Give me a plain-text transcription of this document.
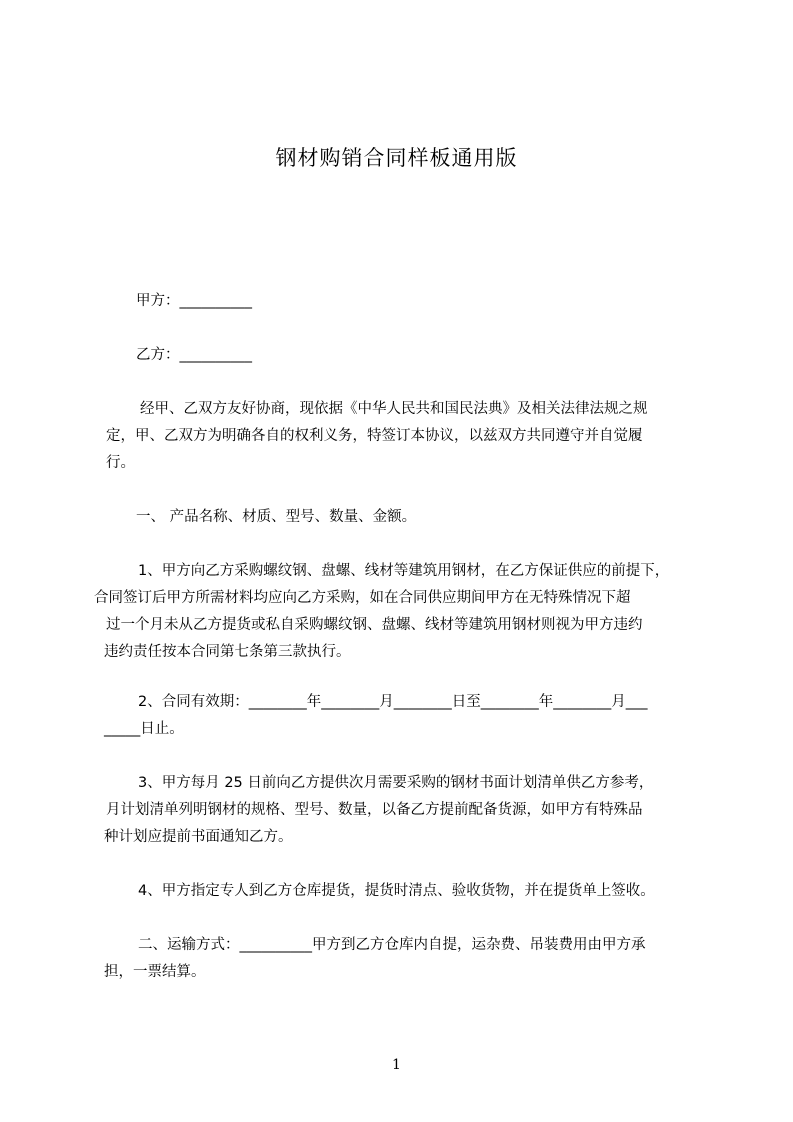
钢材购销合同样板通用版
甲方：__________
乙方：__________
经甲、乙双方友好协商，现依据《中华人民共和国民法典》及相关法律法规之规
定，甲、乙双方为明确各自的权利义务，特签订本协议，以兹双方共同遵守并自觉履
行。
一、 产品名称、材质、型号、数量、金额。
1、甲方向乙方采购螺纹钢、盘螺、线材等建筑用钢材，在乙方保证供应的前提下，
合同签订后甲方所需材料均应向乙方采购，如在合同供应期间甲方在无特殊情况下超
过一个月未从乙方提货或私自采购螺纹钢、盘螺、线材等建筑用钢材则视为甲方违约
违约责任按本合同第七条第三款执行。
2、合同有效期：________年________月________日至________年________月___
_____日止。
3、甲方每月 25 日前向乙方提供次月需要采购的钢材书面计划清单供乙方参考，
月计划清单列明钢材的规格、型号、数量，以备乙方提前配备货源，如甲方有特殊品
种计划应提前书面通知乙方。
4、甲方指定专人到乙方仓库提货，提货时清点、验收货物，并在提货单上签收。
二、运输方式：__________甲方到乙方仓库内自提，运杂费、吊装费用由甲方承
担，一票结算。
1
